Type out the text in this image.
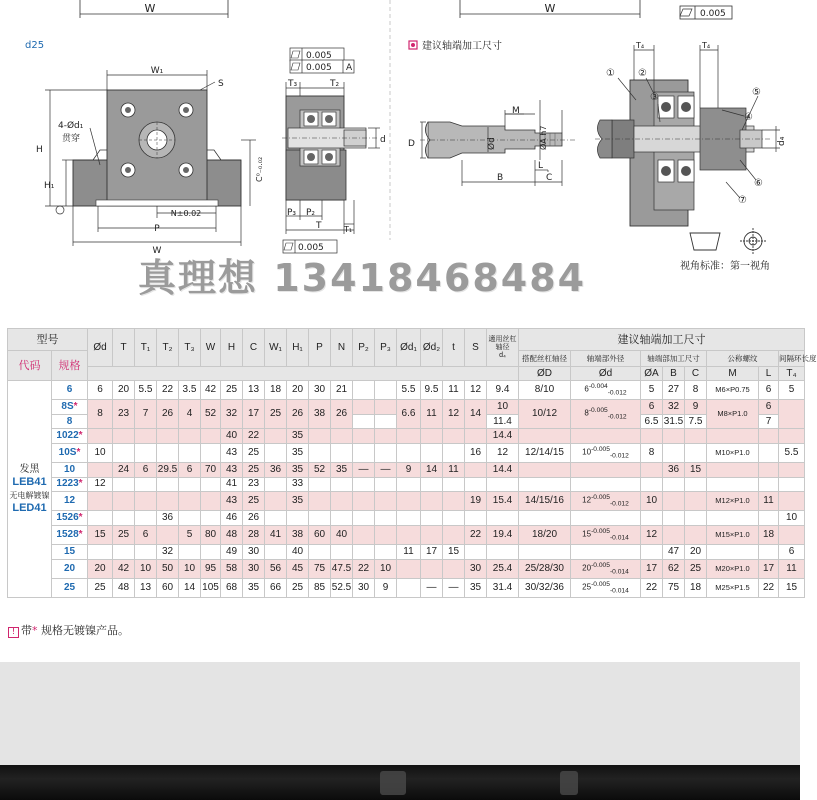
W	W	0.005
d25
W₁
S
4-Ød₁
贯穿
H
H₁
C⁰₋₀.₀₂
N±0.02
P
W
0.005
0.005 A
T₃	T₂
d
P₃ P₂
T	T₁
0.005
建议轴端加工尺寸
M
ØA h7
D	Ød
L
B	C
T₄	T₄
d₄
① ②
③
④
⑤
⑥
⑦
视角标准：第一视角
真理想 13418468484
型号		Ød	T	T₁	T₂	T₃	W	H	C	W₁	H₁	P	N	P₂	P₃	Ød₁	Ød₂	t	S	適用丝杠轴径
d₄	建议轴端加工尺寸							
代码	规格																				搭配丝杠轴径	轴端部外径	轴端部加工尺寸			公称螺纹		间隔环长度
																					ØD	Ød	ØA	B	C	M	L	T₄
发黑
LEB41
无电解镀镍
LED41	6	6	20	5.5	22	3.5	42	25	13	18	20	30	21			5.5	9.5	11	12	9.4	8/10	$6^{-0.004}_{-0.012}$	5	27	8	M6×P0.75	6	5
	8S*	8	23	7	26	4	52	32	17	25	26	38	26			6.6	11	12	14	10	10/12	$8^{-0.005}_{-0.012}$	6	32	9	M8×P1.0	6	
	8																			11.4			6.5	31.5	7.5		7	
	1022*							40	22		35									14.4								
	10S*	10						43	25		35								16	12	12/14/15	$10^{-0.005}_{-0.012}$	8			M10×P1.0		5.5
	10		24	6	29.5	6	70	43	25	36	35	52	35	—	—	9	14	11		14.4				36	15			
	1223*	12						41	23		33																	
	12							43	25		35								19	15.4	14/15/16	$12^{-0.005}_{-0.012}$	10			M12×P1.0	11	
	1526*				36			46	26																			10
	1528*	15	25	6		5	80	48	28	41	38	60	40						22	19.4	18/20	$15^{-0.005}_{-0.014}$	12			M15×P1.0	18	
	15				32			49	30		40					11	17	15						47	20			6
	20	20	42	10	50	10	95	58	30	56	45	75	47.5	22	10				30	25.4	25/28/30	$20^{-0.005}_{-0.014}$	17	62	25	M20×P1.0	17	11
	25	25	48	13	60	14	105	68	35	66	25	85	52.5	30	9		—	—	35	31.4	30/32/36	$25^{-0.005}_{-0.014}$	22	75	18	M25×P1.5	22	15
! 带* 规格无镀镍产品。
